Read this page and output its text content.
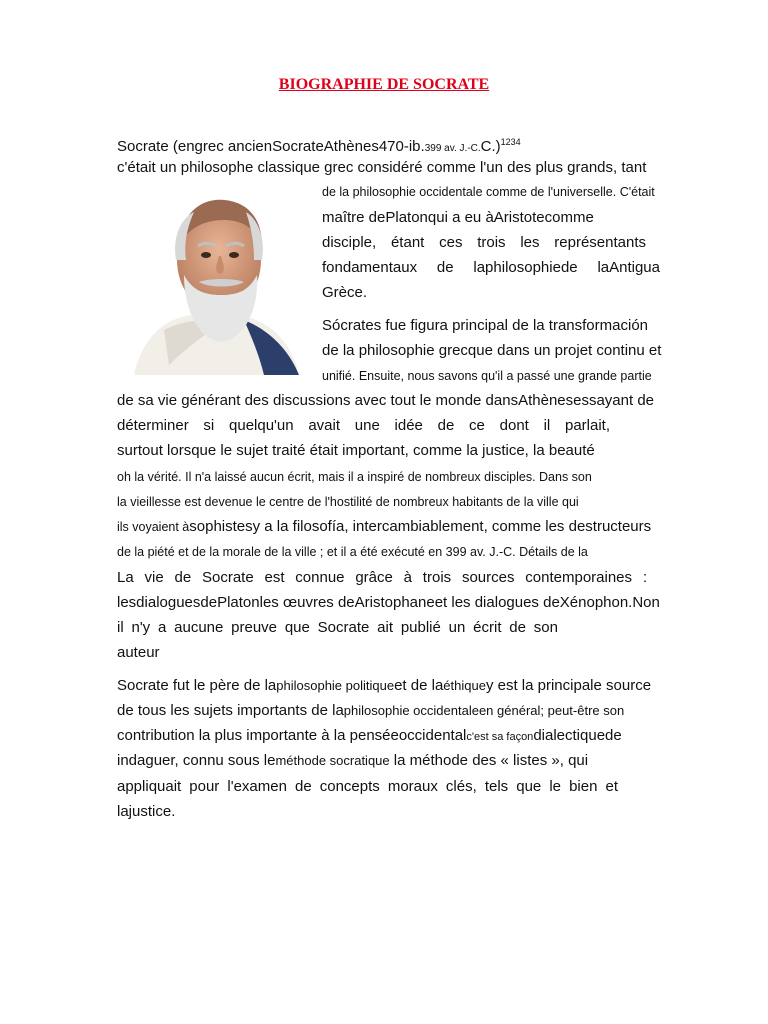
BIOGRAPHIE DE SOCRATE
Socrate (engrec ancienSocrateAthènes470-ib.399 av. J.-C.C.)$^{1234}$
c'était un philosophe classique grec considéré comme l'un des plus grands, tant
de la philosophie occidentale comme de l'universelle. C'était
maître dePlatonqui a eu àAristotecomme
disciple, étant ces trois les représentants
fondamentaux de laphilosophiede laAntigua
Grèce.
Sócrates fue figura principal de la transformación
de la philosophie grecque dans un projet continu et
unifié. Ensuite, nous savons qu'il a passé une grande partie
de sa vie générant des discussions avec tout le monde dansAthènesessayant de
déterminer si quelqu'un avait une idée de ce dont il parlait,
surtout lorsque le sujet traité était important, comme la justice, la beauté
oh la vérité. Il n'a laissé aucun écrit, mais il a inspiré de nombreux disciples. Dans son
la vieillesse est devenue le centre de l'hostilité de nombreux habitants de la ville qui
ils voyaient àsophistesy a la filosofía, intercambiablement, comme les destructeurs
de la piété et de la morale de la ville ; et il a été exécuté en 399 av. J.-C. Détails de la
La vie de Socrate est connue grâce à trois sources contemporaines :
lesdialoguesdePlatonles œuvres deAristophaneet les dialogues deXénophon.Non
il n'y a aucune preuve que Socrate ait publié un écrit de son
auteur
Socrate fut le père de laphilosophie politiqueet de laéthiquey est la principale source
de tous les sujets importants de laphilosophie occidentaleen général; peut-être son
contribution la plus importante à la penséeoccidentalc'est sa façondialectiquede
indaguer, connu sous leméthode socratique la méthode des « listes », qui
appliquait pour l'examen de concepts moraux clés, tels que le bien et
lajustice.
